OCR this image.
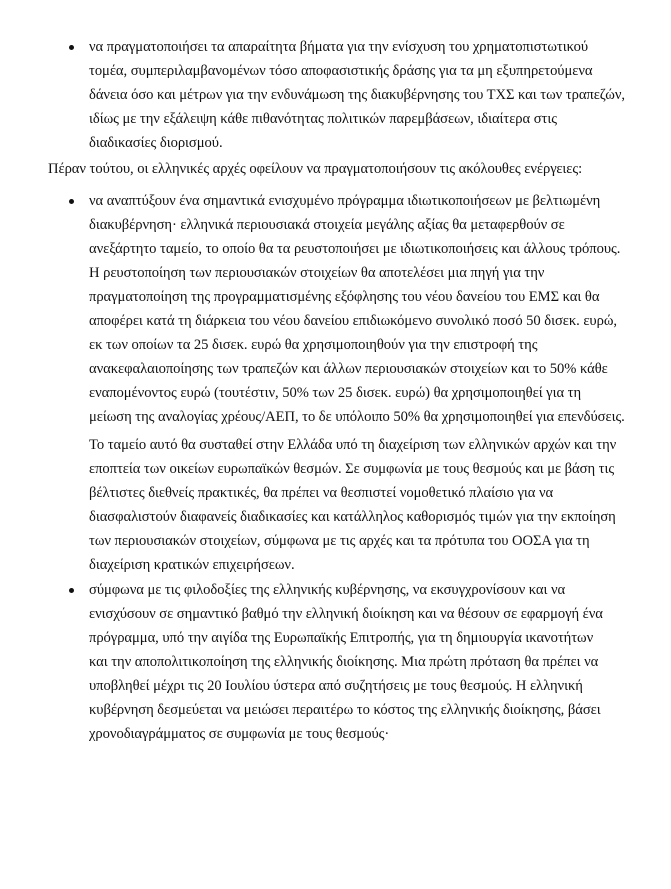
να πραγματοποιήσει τα απαραίτητα βήματα για την ενίσχυση του χρηματοπιστωτικού
τομέα, συμπεριλαμβανομένων τόσο αποφασιστικής δράσης για τα μη εξυπηρετούμενα
δάνεια όσο και μέτρων για την ενδυνάμωση της διακυβέρνησης του ΤΧΣ και των τραπεζών,
ιδίως με την εξάλειψη κάθε πιθανότητας πολιτικών παρεμβάσεων, ιδιαίτερα στις
διαδικασίες διορισμού.
Πέραν τούτου, οι ελληνικές αρχές οφείλουν να πραγματοποιήσουν τις ακόλουθες ενέργειες:
να αναπτύξουν ένα σημαντικά ενισχυμένο πρόγραμμα ιδιωτικοποιήσεων με βελτιωμένη
διακυβέρνηση· ελληνικά περιουσιακά στοιχεία μεγάλης αξίας θα μεταφερθούν σε
ανεξάρτητο ταμείο, το οποίο θα τα ρευστοποιήσει με ιδιωτικοποιήσεις και άλλους τρόπους.
Η ρευστοποίηση των περιουσιακών στοιχείων θα αποτελέσει μια πηγή για την
πραγματοποίηση της προγραμματισμένης εξόφλησης του νέου δανείου του ΕΜΣ και θα
αποφέρει κατά τη διάρκεια του νέου δανείου επιδιωκόμενο συνολικό ποσό 50 δισεκ. ευρώ,
εκ των οποίων τα 25 δισεκ. ευρώ θα χρησιμοποιηθούν για την επιστροφή της
ανακεφαλαιοποίησης των τραπεζών και άλλων περιουσιακών στοιχείων και το 50% κάθε
εναπομένοντος ευρώ (τουτέστιν, 50% των 25 δισεκ. ευρώ) θα χρησιμοποιηθεί για τη
μείωση της αναλογίας χρέους/ΑΕΠ, το δε υπόλοιπο 50% θα χρησιμοποιηθεί για επενδύσεις.
Το ταμείο αυτό θα συσταθεί στην Ελλάδα υπό τη διαχείριση των ελληνικών αρχών και την
εποπτεία των οικείων ευρωπαϊκών θεσμών. Σε συμφωνία με τους θεσμούς και με βάση τις
βέλτιστες διεθνείς πρακτικές, θα πρέπει να θεσπιστεί νομοθετικό πλαίσιο για να
διασφαλιστούν διαφανείς διαδικασίες και κατάλληλος καθορισμός τιμών για την εκποίηση
των περιουσιακών στοιχείων, σύμφωνα με τις αρχές και τα πρότυπα του ΟΟΣΑ για τη
διαχείριση κρατικών επιχειρήσεων.
σύμφωνα με τις φιλοδοξίες της ελληνικής κυβέρνησης, να εκσυγχρονίσουν και να
ενισχύσουν σε σημαντικό βαθμό την ελληνική διοίκηση και να θέσουν σε εφαρμογή ένα
πρόγραμμα, υπό την αιγίδα της Ευρωπαϊκής Επιτροπής, για τη δημιουργία ικανοτήτων
και την αποπολιτικοποίηση της ελληνικής διοίκησης. Μια πρώτη πρόταση θα πρέπει να
υποβληθεί μέχρι τις 20 Ιουλίου ύστερα από συζητήσεις με τους θεσμούς. Η ελληνική
κυβέρνηση δεσμεύεται να μειώσει περαιτέρω το κόστος της ελληνικής διοίκησης, βάσει
χρονοδιαγράμματος σε συμφωνία με τους θεσμούς·
